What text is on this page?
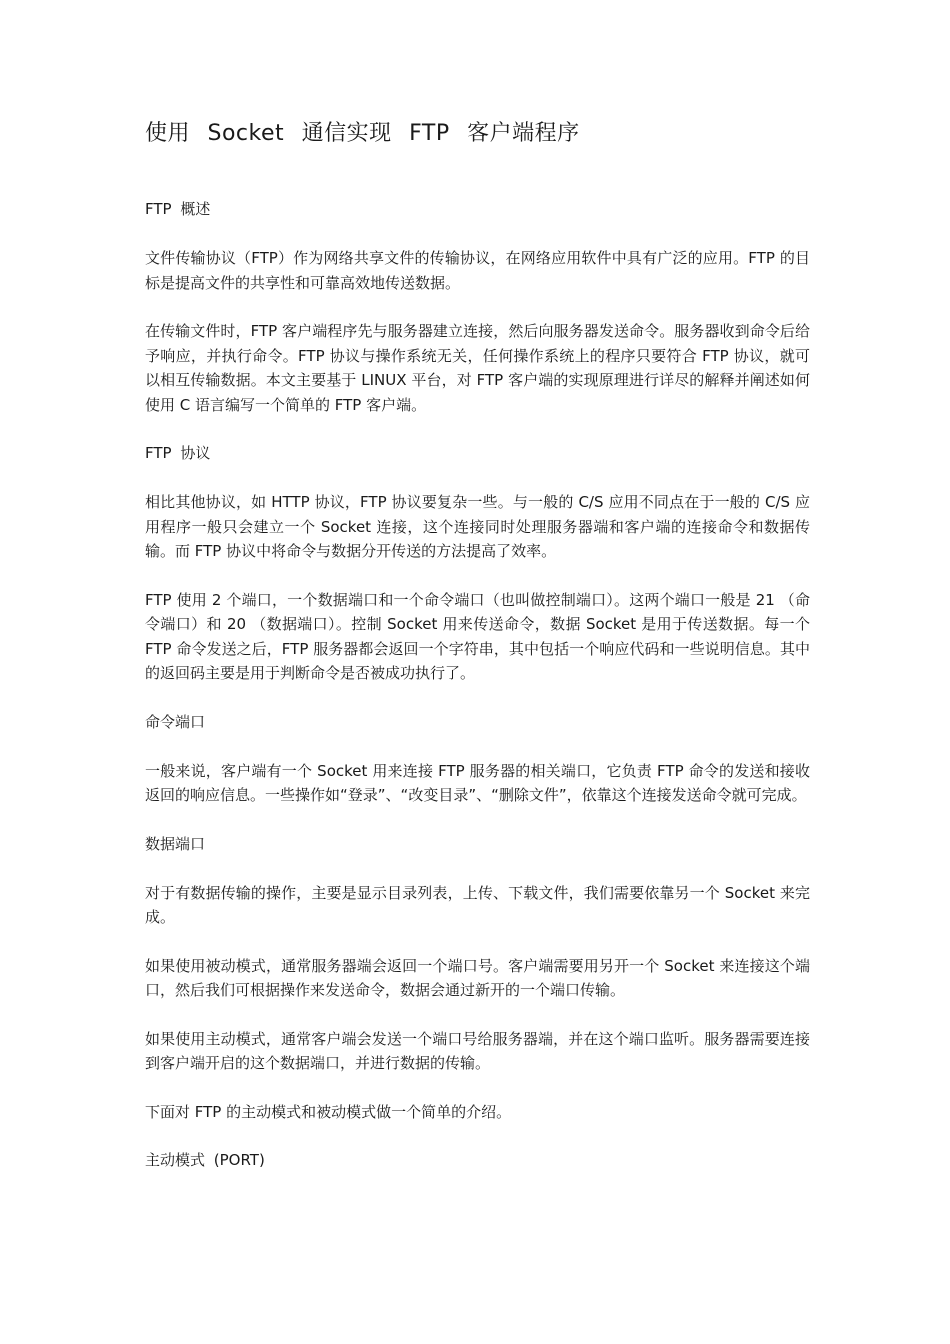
使用 Socket 通信实现 FTP 客户端程序
FTP 概述

文件传输协议（FTP）作为网络共享文件的传输协议，在网络应用软件中具有广泛的应用。FTP 的目标是提高文件的共享性和可靠高效地传送数据。

在传输文件时，FTP 客户端程序先与服务器建立连接，然后向服务器发送命令。服务器收到命令后给予响应，并执行命令。FTP 协议与操作系统无关，任何操作系统上的程序只要符合 FTP 协议，就可以相互传输数据。本文主要基于 LINUX 平台，对 FTP 客户端的实现原理进行详尽的解释并阐述如何使用 C 语言编写一个简单的 FTP 客户端。

FTP 协议

相比其他协议，如 HTTP 协议，FTP 协议要复杂一些。与一般的 C/S 应用不同点在于一般的 C/S 应用程序一般只会建立一个 Socket 连接，这个连接同时处理服务器端和客户端的连接命令和数据传输。而 FTP 协议中将命令与数据分开传送的方法提高了效率。

FTP 使用 2 个端口，一个数据端口和一个命令端口（也叫做控制端口）。这两个端口一般是 21 （命令端口）和 20 （数据端口）。控制 Socket 用来传送命令，数据 Socket 是用于传送数据。每一个 FTP 命令发送之后，FTP 服务器都会返回一个字符串，其中包括一个响应代码和一些说明信息。其中的返回码主要是用于判断命令是否被成功执行了。

命令端口

一般来说，客户端有一个 Socket 用来连接 FTP 服务器的相关端口，它负责 FTP 命令的发送和接收返回的响应信息。一些操作如“登录”、“改变目录”、“删除文件”，依靠这个连接发送命令就可完成。

数据端口

对于有数据传输的操作，主要是显示目录列表，上传、下载文件，我们需要依靠另一个 Socket 来完成。

如果使用被动模式，通常服务器端会返回一个端口号。客户端需要用另开一个 Socket 来连接这个端口，然后我们可根据操作来发送命令，数据会通过新开的一个端口传输。

如果使用主动模式，通常客户端会发送一个端口号给服务器端，并在这个端口监听。服务器需要连接到客户端开启的这个数据端口，并进行数据的传输。

下面对 FTP 的主动模式和被动模式做一个简单的介绍。

主动模式 (PORT)
